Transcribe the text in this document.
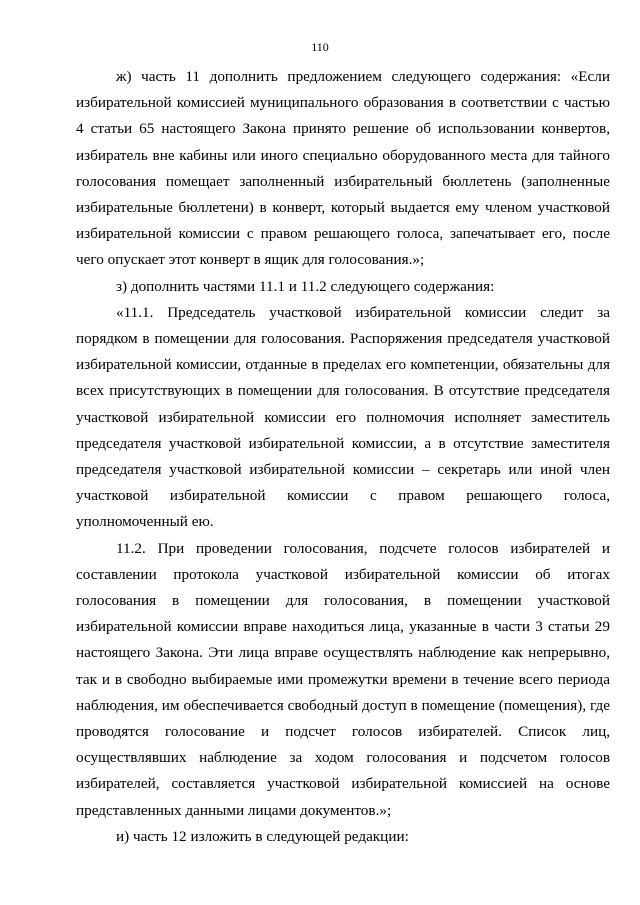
110

ж) часть 11 дополнить предложением следующего содержания: «Если избирательной комиссией муниципального образования в соответствии с частью 4 статьи 65 настоящего Закона принято решение об использовании конвертов, избиратель вне кабины или иного специально оборудованного места для тайного голосования помещает заполненный избирательный бюллетень (заполненные избирательные бюллетени) в конверт, который выдается ему членом участковой избирательной комиссии с правом решающего голоса, запечатывает его, после чего опускает этот конверт в ящик для голосования.»;

з) дополнить частями 11.1 и 11.2 следующего содержания:

«11.1. Председатель участковой избирательной комиссии следит за порядком в помещении для голосования. Распоряжения председателя участковой избирательной комиссии, отданные в пределах его компетенции, обязательны для всех присутствующих в помещении для голосования. В отсутствие председателя участковой избирательной комиссии его полномочия исполняет заместитель председателя участковой избирательной комиссии, а в отсутствие заместителя председателя участковой избирательной комиссии – секретарь или иной член участковой избирательной комиссии с правом решающего голоса, уполномоченный ею.

11.2. При проведении голосования, подсчете голосов избирателей и составлении протокола участковой избирательной комиссии об итогах голосования в помещении для голосования, в помещении участковой избирательной комиссии вправе находиться лица, указанные в части 3 статьи 29 настоящего Закона. Эти лица вправе осуществлять наблюдение как непрерывно, так и в свободно выбираемые ими промежутки времени в течение всего периода наблюдения, им обеспечивается свободный доступ в помещение (помещения), где проводятся голосование и подсчет голосов избирателей. Список лиц, осуществлявших наблюдение за ходом голосования и подсчетом голосов избирателей, составляется участковой избирательной комиссией на основе представленных данными лицами документов.»;

и) часть 12 изложить в следующей редакции:
